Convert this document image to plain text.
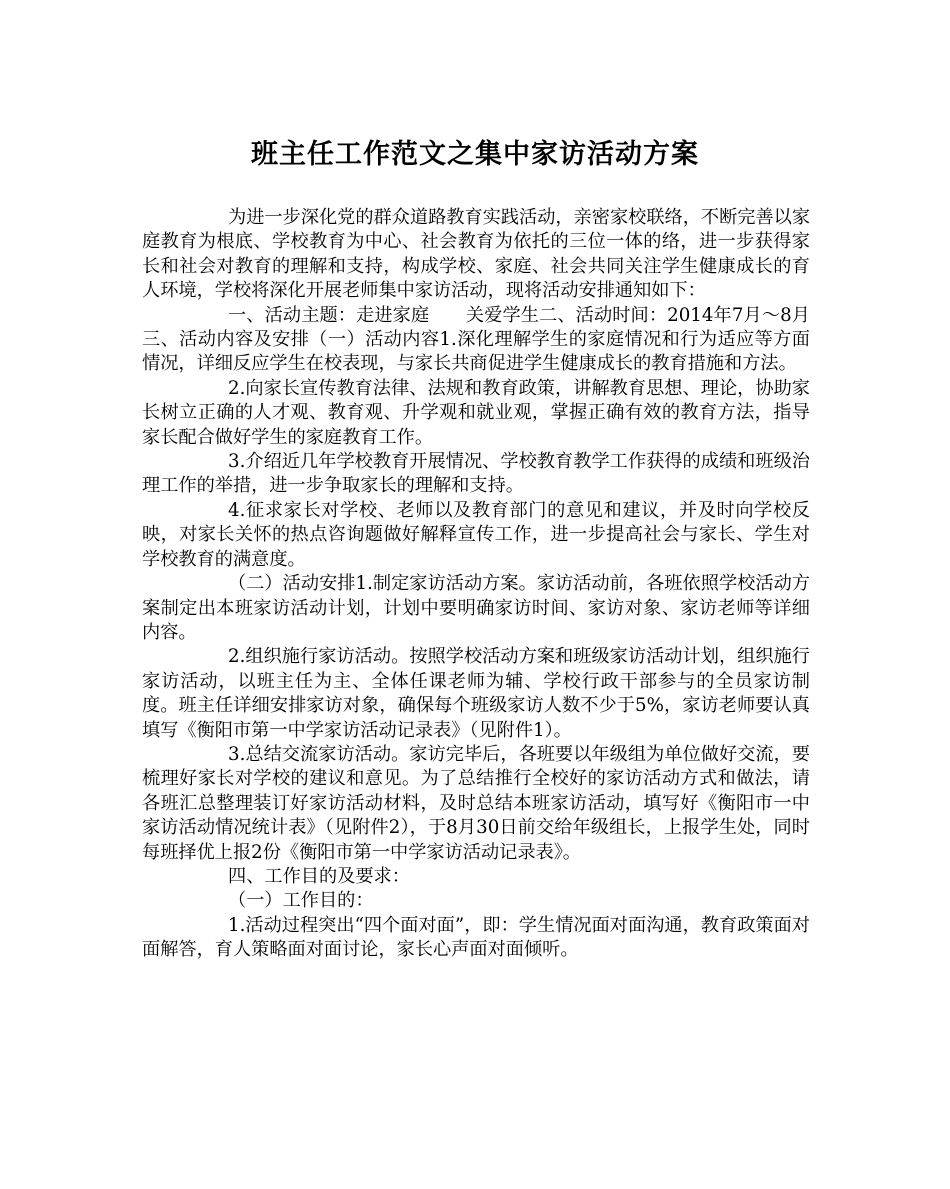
班主任工作范文之集中家访活动方案

为进一步深化党的群众道路教育实践活动，亲密家校联络，不断完善以家庭教育为根底、学校教育为中心、社会教育为依托的三位一体的络，进一步获得家长和社会对教育的理解和支持，构成学校、家庭、社会共同关注学生健康成长的育人环境，学校将深化开展老师集中家访活动，现将活动安排通知如下：

一、活动主题：走进家庭　　关爱学生二、活动时间：2014年7月～8月三、活动内容及安排（一）活动内容1.深化理解学生的家庭情况和行为适应等方面情况，详细反应学生在校表现，与家长共商促进学生健康成长的教育措施和方法。

2.向家长宣传教育法律、法规和教育政策，讲解教育思想、理论，协助家长树立正确的人才观、教育观、升学观和就业观，掌握正确有效的教育方法，指导家长配合做好学生的家庭教育工作。

3.介绍近几年学校教育开展情况、学校教育教学工作获得的成绩和班级治理工作的举措，进一步争取家长的理解和支持。

4.征求家长对学校、老师以及教育部门的意见和建议，并及时向学校反映，对家长关怀的热点咨询题做好解释宣传工作，进一步提高社会与家长、学生对学校教育的满意度。

（二）活动安排1.制定家访活动方案。家访活动前，各班依照学校活动方案制定出本班家访活动计划，计划中要明确家访时间、家访对象、家访老师等详细内容。

2.组织施行家访活动。按照学校活动方案和班级家访活动计划，组织施行家访活动，以班主任为主、全体任课老师为辅、学校行政干部参与的全员家访制度。班主任详细安排家访对象，确保每个班级家访人数不少于5%，家访老师要认真填写《衡阳市第一中学家访活动记录表》（见附件1）。

3.总结交流家访活动。家访完毕后，各班要以年级组为单位做好交流，要梳理好家长对学校的建议和意见。为了总结推行全校好的家访活动方式和做法，请各班汇总整理装订好家访活动材料，及时总结本班家访活动，填写好《衡阳市一中家访活动情况统计表》（见附件2），于8月30日前交给年级组长，上报学生处，同时每班择优上报2份《衡阳市第一中学家访活动记录表》。

四、工作目的及要求：

（一）工作目的：

1.活动过程突出“四个面对面”，即：学生情况面对面沟通，教育政策面对面解答，育人策略面对面讨论，家长心声面对面倾听。
